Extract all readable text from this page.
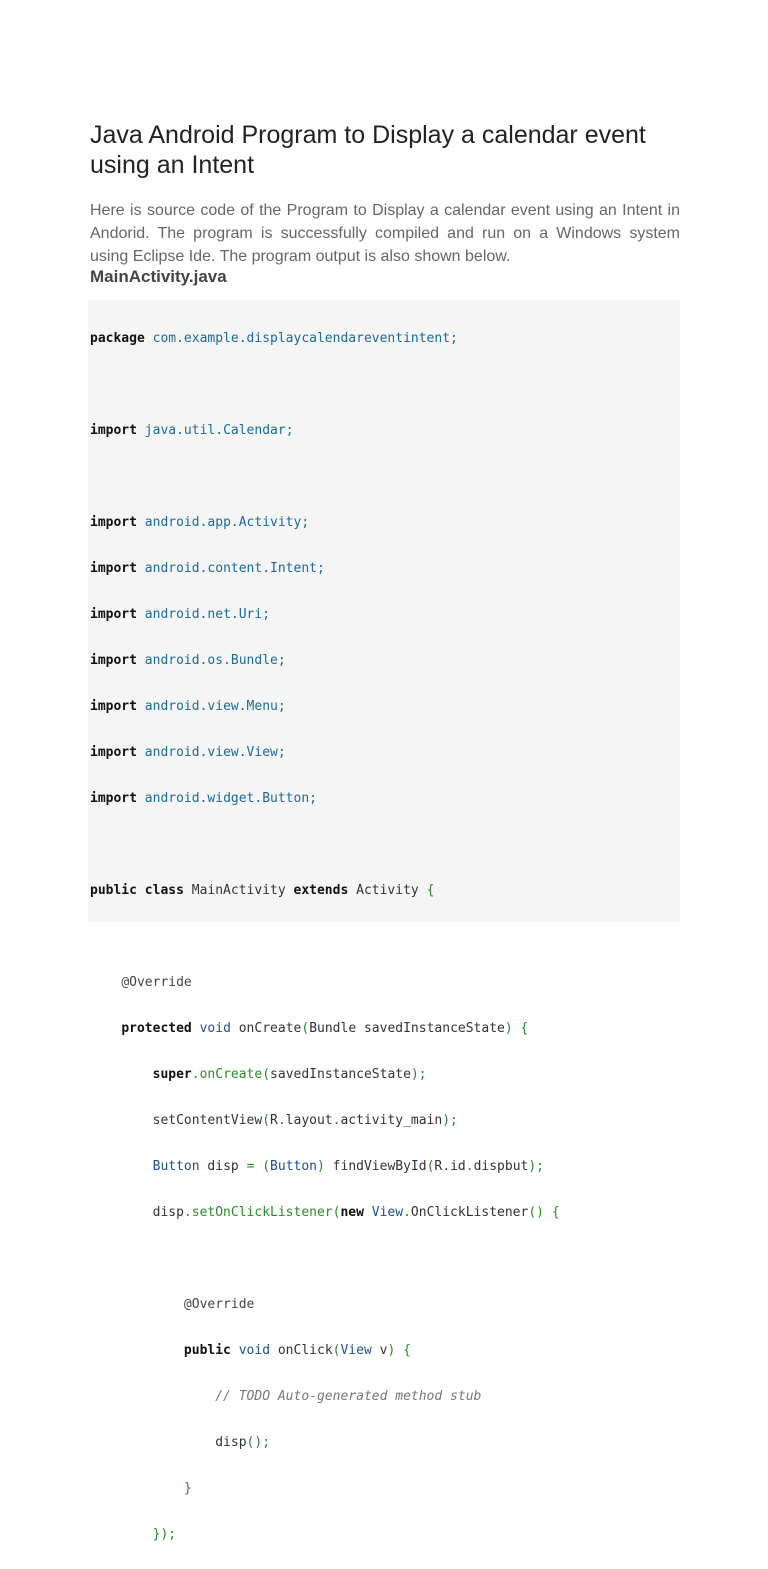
Java Android Program to Display a calendar event using an Intent

Here is source code of the Program to Display a calendar event using an Intent in Andorid. The program is successfully compiled and run on a Windows system using Eclipse Ide. The program output is also shown below.

MainActivity.java

package com.example.displaycalendareventintent;

import java.util.Calendar;

import android.app.Activity;

import android.content.Intent;

import android.net.Uri;

import android.os.Bundle;

import android.view.Menu;

import android.view.View;

import android.widget.Button;

public class MainActivity extends Activity {

@Override

protected void onCreate(Bundle savedInstanceState) {

super.onCreate(savedInstanceState);

setContentView(R.layout.activity_main);

Button disp = (Button) findViewById(R.id.dispbut);

disp.setOnClickListener(new View.OnClickListener() {

@Override

public void onClick(View v) {

// TODO Auto-generated method stub

disp();

}

});
